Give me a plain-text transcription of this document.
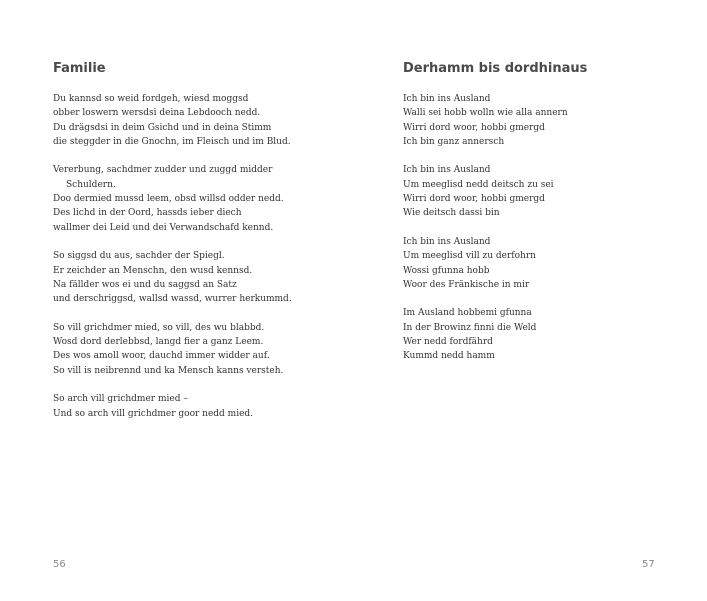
Familie

Du kannsd so weid fordgeh, wiesd moggsd
obber loswern wersdsi deina Lebdooch nedd.
Du drägsdsi in deim Gsichd und in deina Stimm
die steggder in die Gnochn, im Fleisch und im Blud.

Vererbung, sachdmer zudder und zuggd midder
Schuldern.
Doo dermied mussd leem, obsd willsd odder nedd.
Des lichd in der Oord, hassds ieber diech
wallmer dei Leid und dei Verwandschafd kennd.

So siggsd du aus, sachder der Spiegl.
Er zeichder an Menschn, den wusd kennsd.
Na fällder wos ei und du saggsd an Satz
und derschriggsd, wallsd wassd, wurrer herkummd.

So vill grichdmer mied, so vill, des wu blabbd.
Wosd dord derlebbsd, langd fier a ganz Leem.
Des wos amoll woor, dauchd immer widder auf.
So vill is neibrennd und ka Mensch kanns versteh.

So arch vill grichdmer mied –
Und so arch vill grichdmer goor nedd mied.

56
Derhamm bis dordhinaus

Ich bin ins Ausland
Walli sei hobb wolln wie alla annern
Wirri dord woor, hobbi gmergd
Ich bin ganz annersch

Ich bin ins Ausland
Um meeglisd nedd deitsch zu sei
Wirri dord woor, hobbi gmergd
Wie deitsch dassi bin

Ich bin ins Ausland
Um meeglisd vill zu derfohrn
Wossi gfunna hobb
Woor des Fränkische in mir

Im Ausland hobbemi gfunna
In der Browinz finni die Weld
Wer nedd fordfährd
Kummd nedd hamm

57
